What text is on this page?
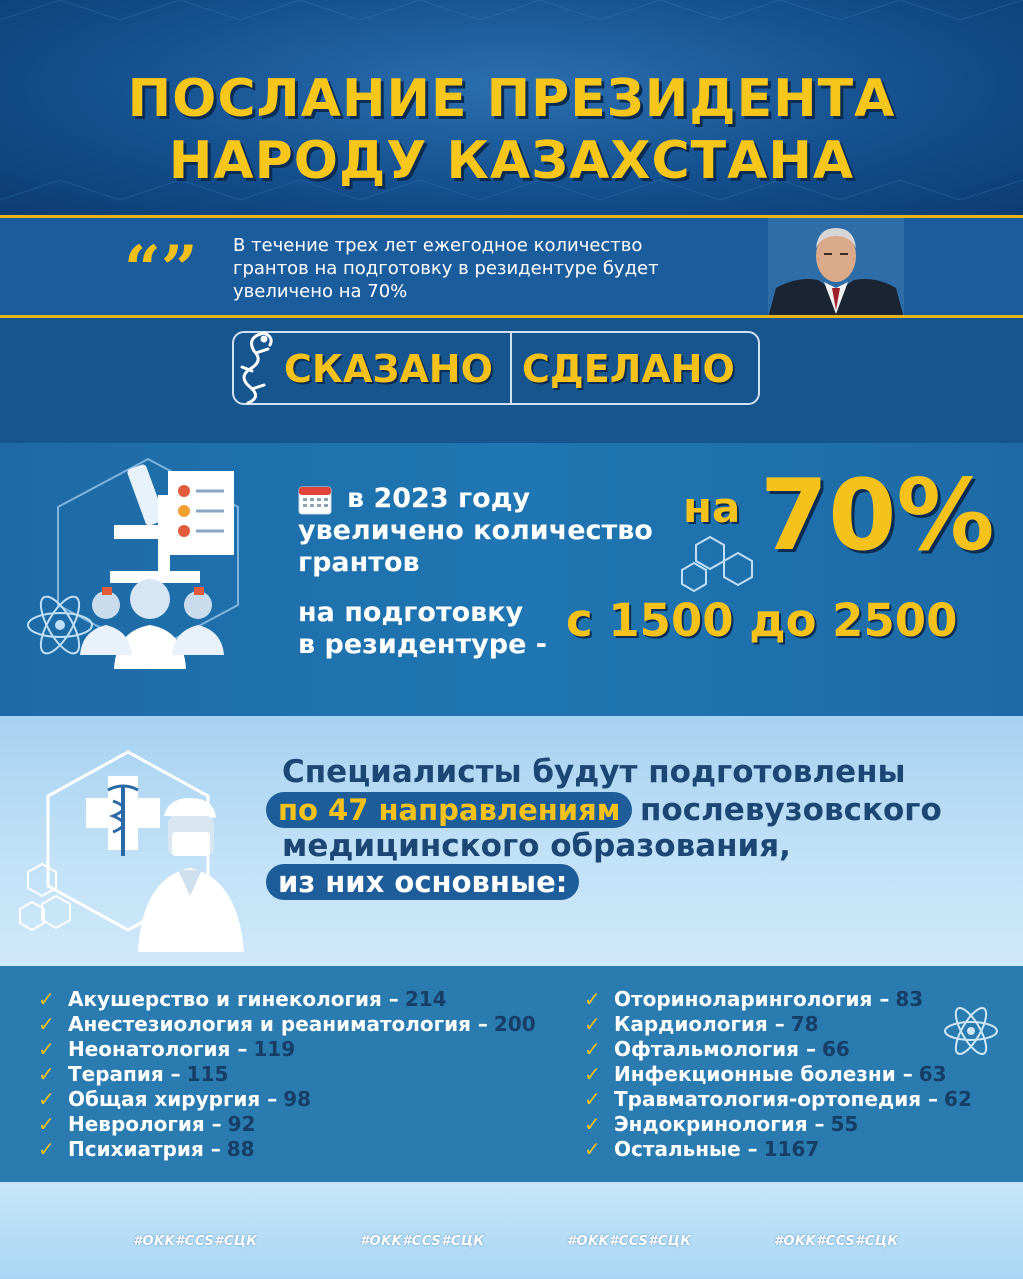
ПОСЛАНИЕ ПРЕЗИДЕНТА
НАРОДУ КАЗАХСТАНА
“” В течение трех лет ежегодное количество
грантов на подготовку в резидентуре будет
увеличено на 70%
СКАЗАНО СДЕЛАНО
в 2023 году
увеличено количество
грантов
на подготовку
в резидентуре -
на 70%
с 1500 до 2500
Специалисты будут подготовлены
по 47 направлениям послевузовского
медицинского образования,
из них основные:
✓ Акушерство и гинекология – 214
✓ Анестезиология и реаниматология – 200
✓ Неонатология – 119
✓ Терапия – 115
✓ Общая хирургия – 98
✓ Неврология – 92
✓ Психиатрия – 88
✓ Оториноларингология – 83
✓ Кардиология – 78
✓ Офтальмология – 66
✓ Инфекционные болезни – 63
✓ Травматология-ортопедия – 62
✓ Эндокринология – 55
✓ Остальные – 1167
#OKK#CCS#СЦК	#OKK#CCS#СЦК	#OKK#CCS#СЦК	#OKK#CCS#СЦК
